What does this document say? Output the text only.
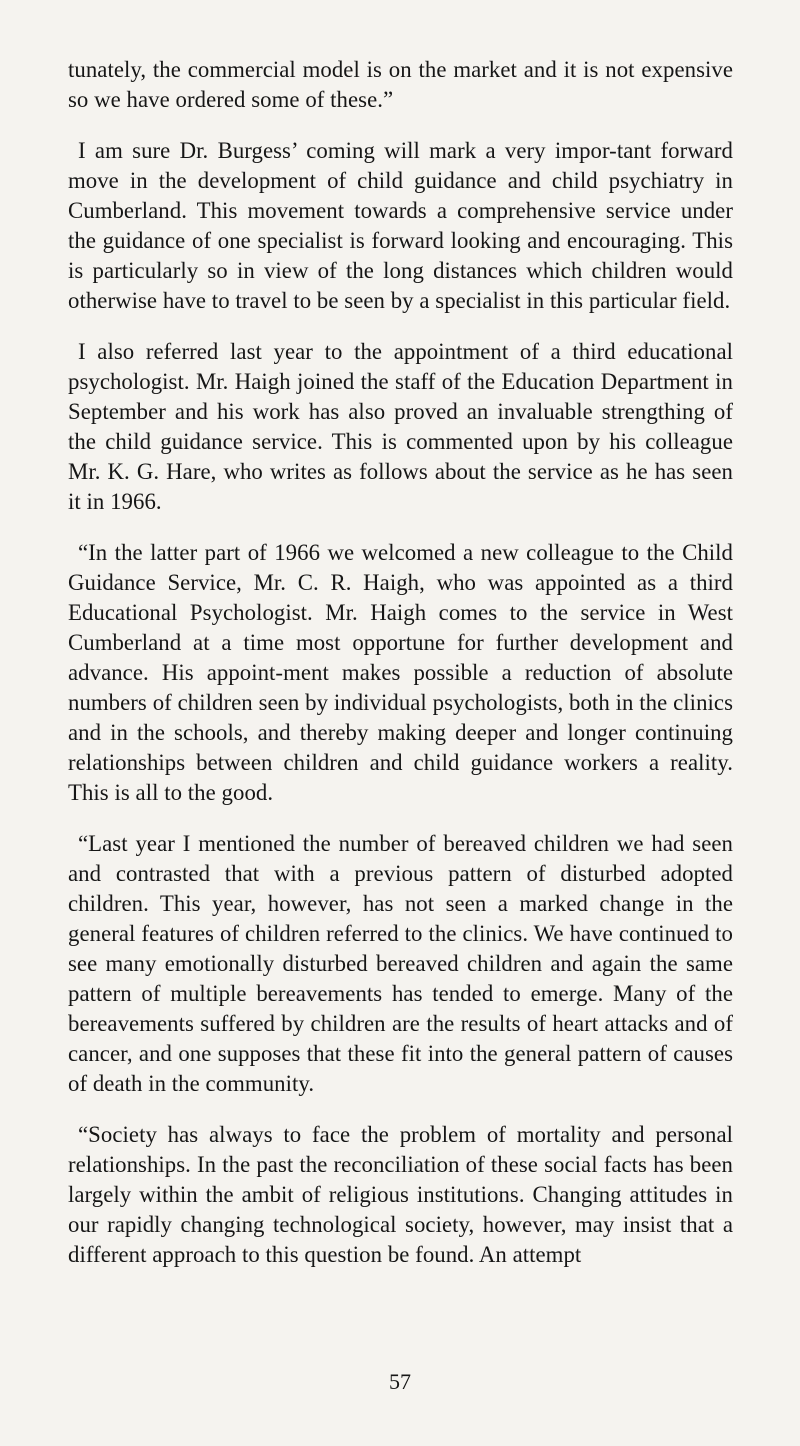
tunately, the commercial model is on the market and it is not expensive so we have ordered some of these.”

I am sure Dr. Burgess’ coming will mark a very impor-tant forward move in the development of child guidance and child psychiatry in Cumberland. This movement towards a comprehensive service under the guidance of one specialist is forward looking and encouraging. This is particularly so in view of the long distances which children would otherwise have to travel to be seen by a specialist in this particular field.

I also referred last year to the appointment of a third educational psychologist. Mr. Haigh joined the staff of the Education Department in September and his work has also proved an invaluable strengthing of the child guidance service. This is commented upon by his colleague Mr. K. G. Hare, who writes as follows about the service as he has seen it in 1966.

“In the latter part of 1966 we welcomed a new colleague to the Child Guidance Service, Mr. C. R. Haigh, who was appointed as a third Educational Psychologist. Mr. Haigh comes to the service in West Cumberland at a time most opportune for further development and advance. His appoint-ment makes possible a reduction of absolute numbers of children seen by individual psychologists, both in the clinics and in the schools, and thereby making deeper and longer continuing relationships between children and child guidance workers a reality. This is all to the good.

“Last year I mentioned the number of bereaved children we had seen and contrasted that with a previous pattern of disturbed adopted children. This year, however, has not seen a marked change in the general features of children referred to the clinics. We have continued to see many emotionally disturbed bereaved children and again the same pattern of multiple bereavements has tended to emerge. Many of the bereavements suffered by children are the results of heart attacks and of cancer, and one supposes that these fit into the general pattern of causes of death in the community.

“Society has always to face the problem of mortality and personal relationships. In the past the reconciliation of these social facts has been largely within the ambit of religious institutions. Changing attitudes in our rapidly changing technological society, however, may insist that a different approach to this question be found. An attempt

57
